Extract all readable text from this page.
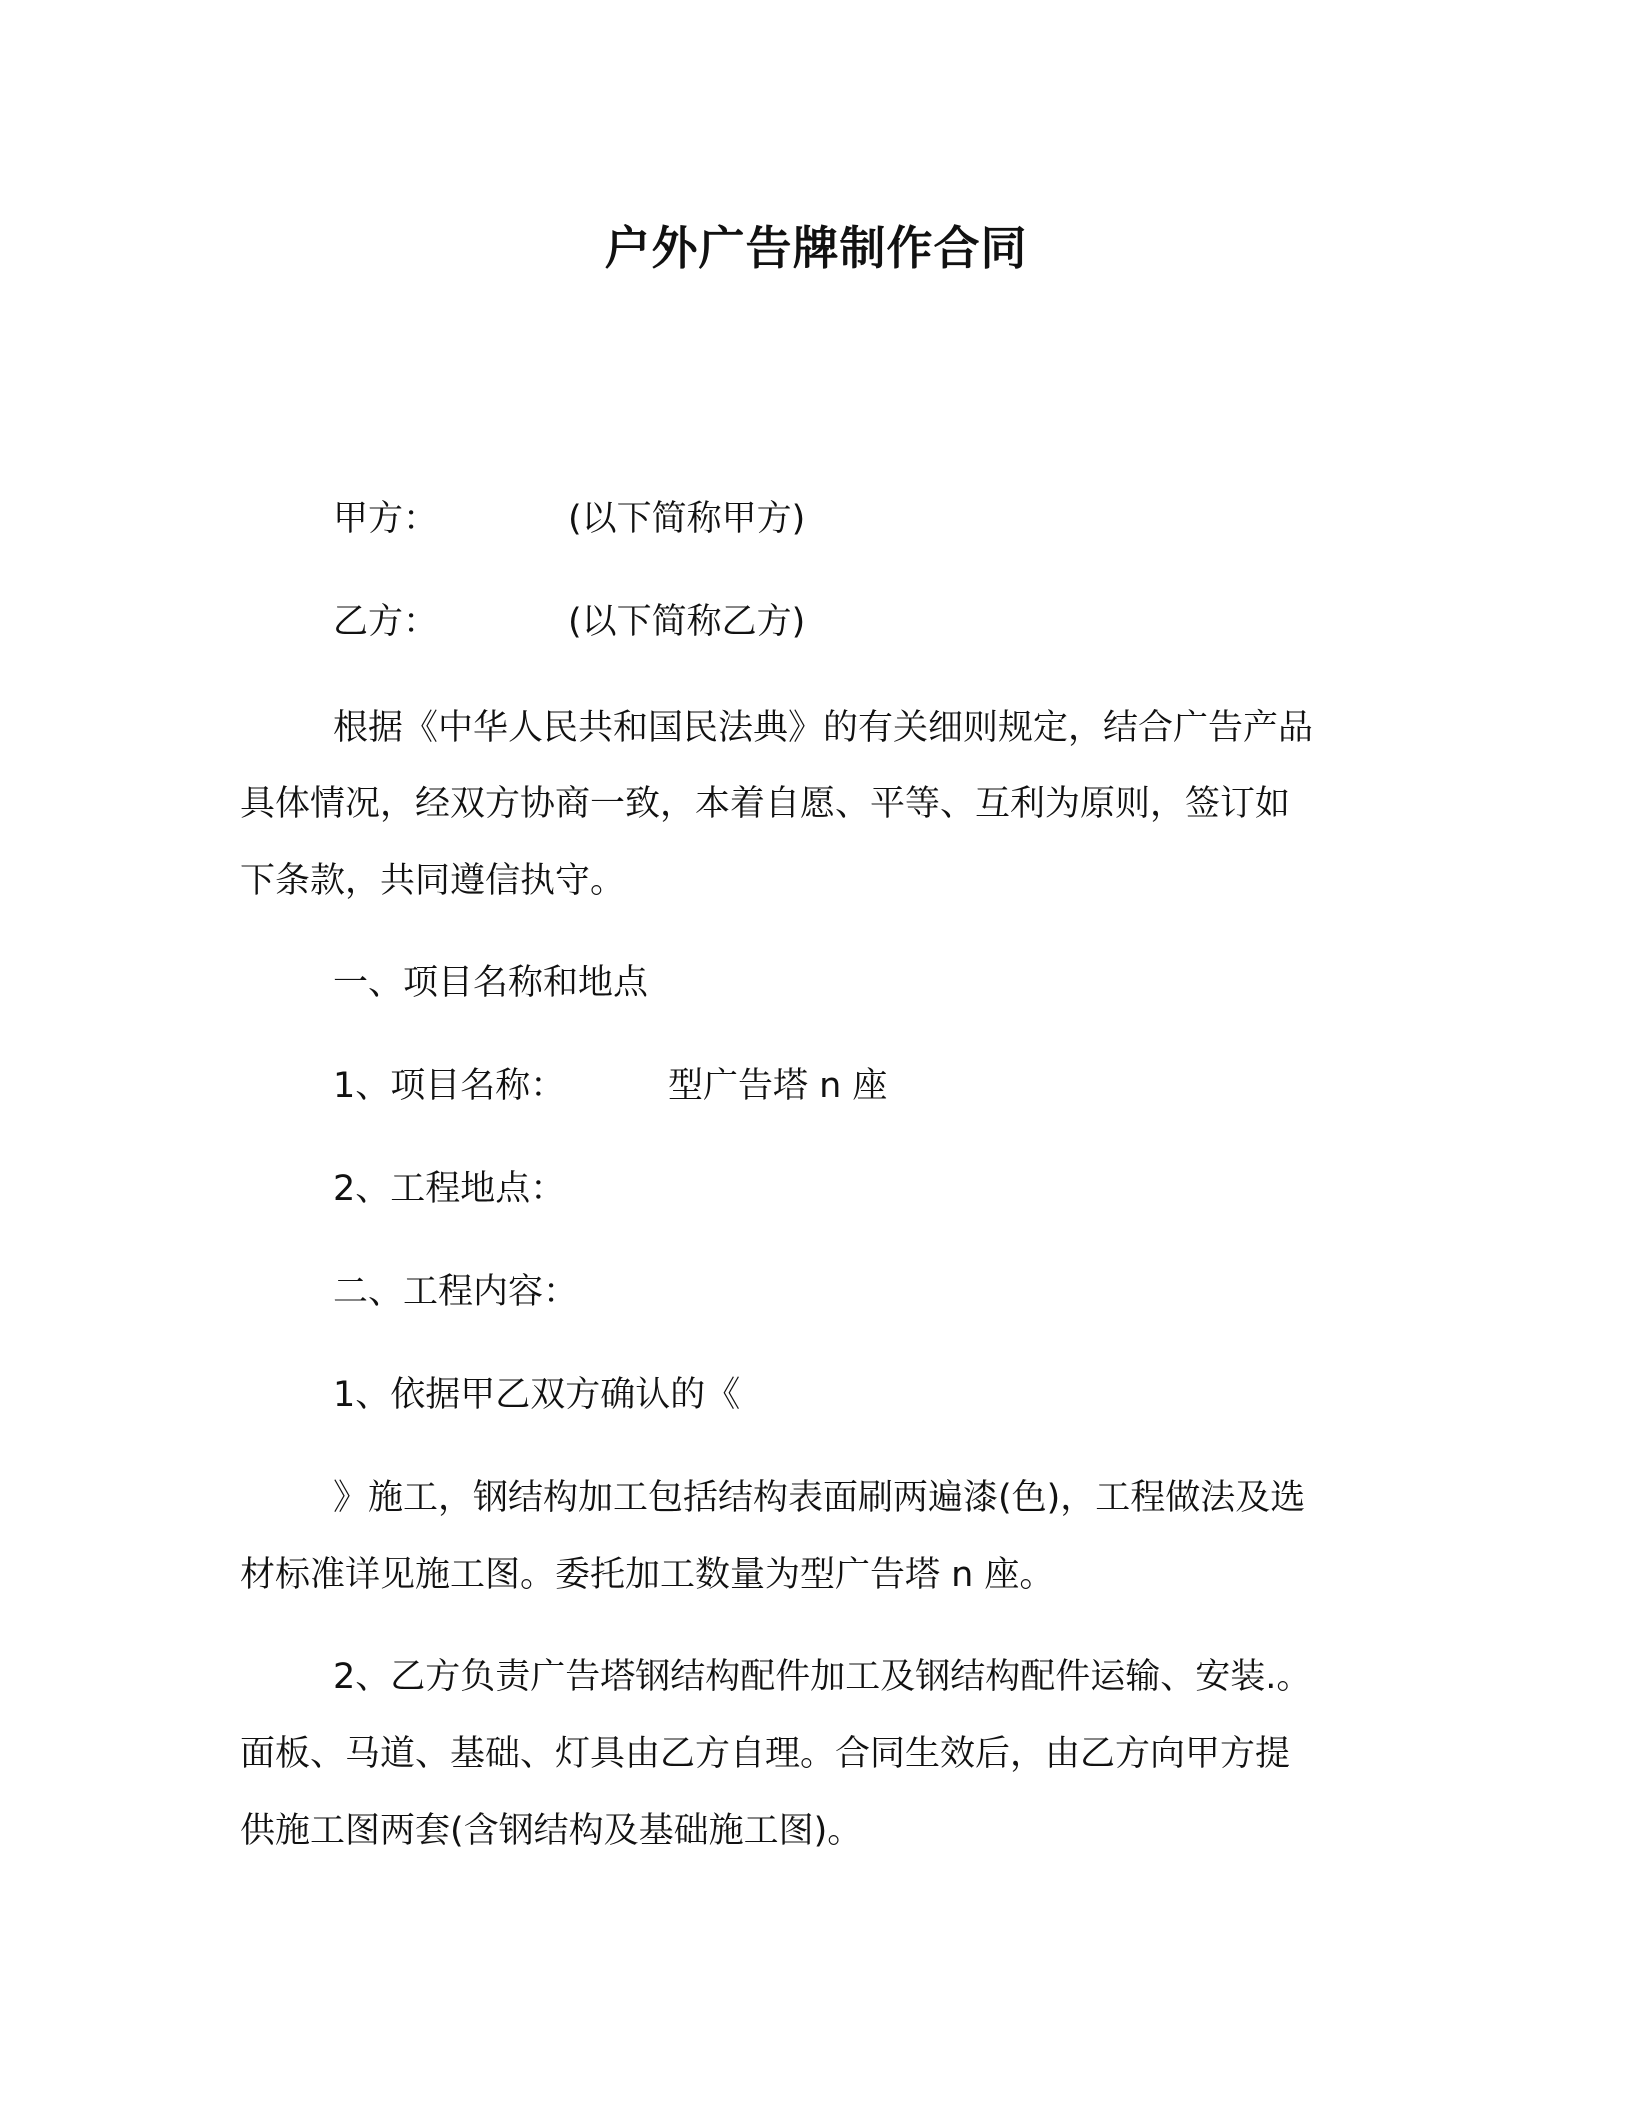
户外广告牌制作合同
甲方：	(以下简称甲方)
乙方：	(以下简称乙方)
根据《中华人民共和国民法典》的有关细则规定，结合广告产品
具体情况，经双方协商一致，本着自愿、平等、互利为原则，签订如
下条款，共同遵信执守。
一、项目名称和地点
1、项目名称：	型广告塔 n 座
2、工程地点：
二、工程内容：
1、依据甲乙双方确认的《
》施工，钢结构加工包括结构表面刷两遍漆(色)，工程做法及选
材标准详见施工图。委托加工数量为型广告塔 n 座。
2、乙方负责广告塔钢结构配件加工及钢结构配件运输、安装.。
面板、马道、基础、灯具由乙方自理。合同生效后，由乙方向甲方提
供施工图两套(含钢结构及基础施工图)。
